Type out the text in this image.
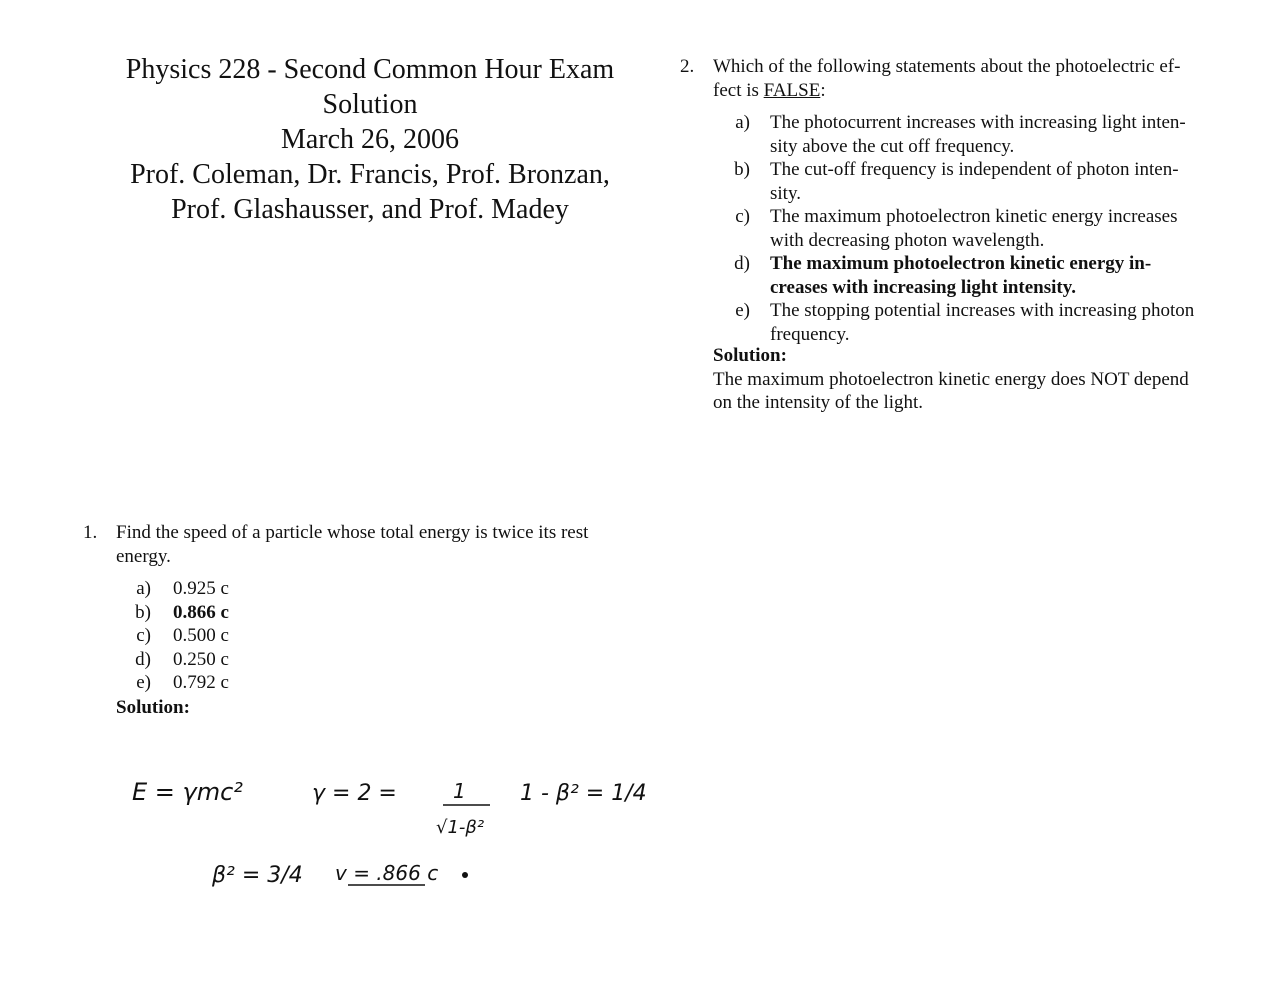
Physics 228 - Second Common Hour Exam
Solution
March 26, 2006
Prof. Coleman, Dr. Francis, Prof. Bronzan,
Prof. Glashausser, and Prof. Madey
1. Find the speed of a particle whose total energy is twice its rest
energy.
a) 0.925 c
b) 0.866 c
c) 0.500 c
d) 0.250 c
e) 0.792 c
Solution:
E = γmc²	γ = 2 =	1
√1-β²
1 - β² = 1/4
β² = 3/4 v = .866 c
2. Which of the following statements about the photoelectric ef-
fect is FALSE:
a) The photocurrent increases with increasing light inten-
sity above the cut off frequency.
b) The cut-off frequency is independent of photon inten-
sity.
c) The maximum photoelectron kinetic energy increases
with decreasing photon wavelength.
d) The maximum photoelectron kinetic energy in-
creases with increasing light intensity.
e) The stopping potential increases with increasing photon
frequency.
Solution:
The maximum photoelectron kinetic energy does NOT depend
on the intensity of the light.
